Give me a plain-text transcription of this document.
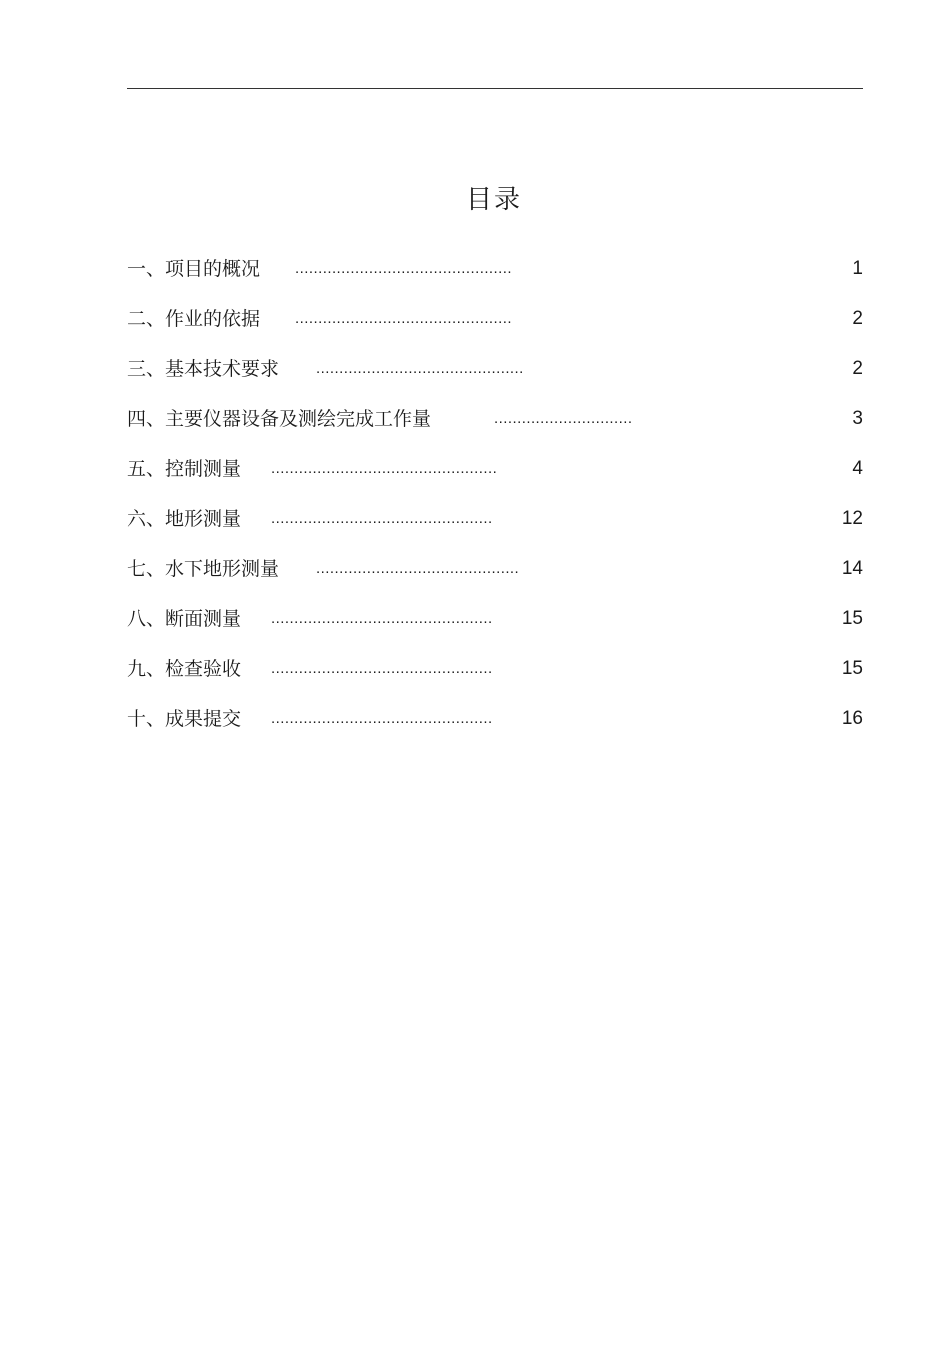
目录
一、项目的概况 ...............................................	1
二、作业的依据 ...............................................	2
三、基本技术要求 .............................................	2
四、主要仪器设备及测绘完成工作量	..............................	3
五、控制测量 .................................................	4
六、地形测量 ................................................	12
七、水下地形测量 ............................................	14
八、断面测量 ................................................	15
九、检查验收 ................................................	15
十、成果提交 ................................................	16
